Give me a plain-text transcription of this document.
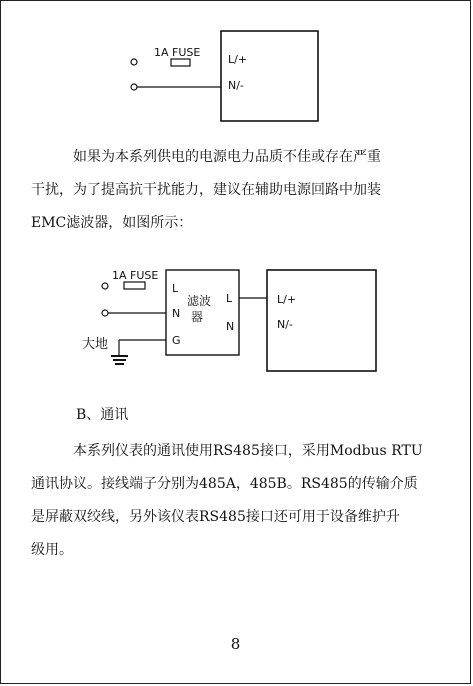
1A FUSE
L/+
N/-

如果为本系列供电的电源电力品质不佳或存在严重
干扰，为了提高抗干扰能力，建议在辅助电源回路中加装
EMC滤波器，如图所示：

1A FUSE
L
N
G
L
N
滤波
器
大地
L/+
N/-

B、通讯

本系列仪表的通讯使用RS485接口，采用Modbus RTU
通讯协议。接线端子分别为485A，485B。RS485的传输介质
是屏蔽双绞线，另外该仪表RS485接口还可用于设备维护升
级用。

8
